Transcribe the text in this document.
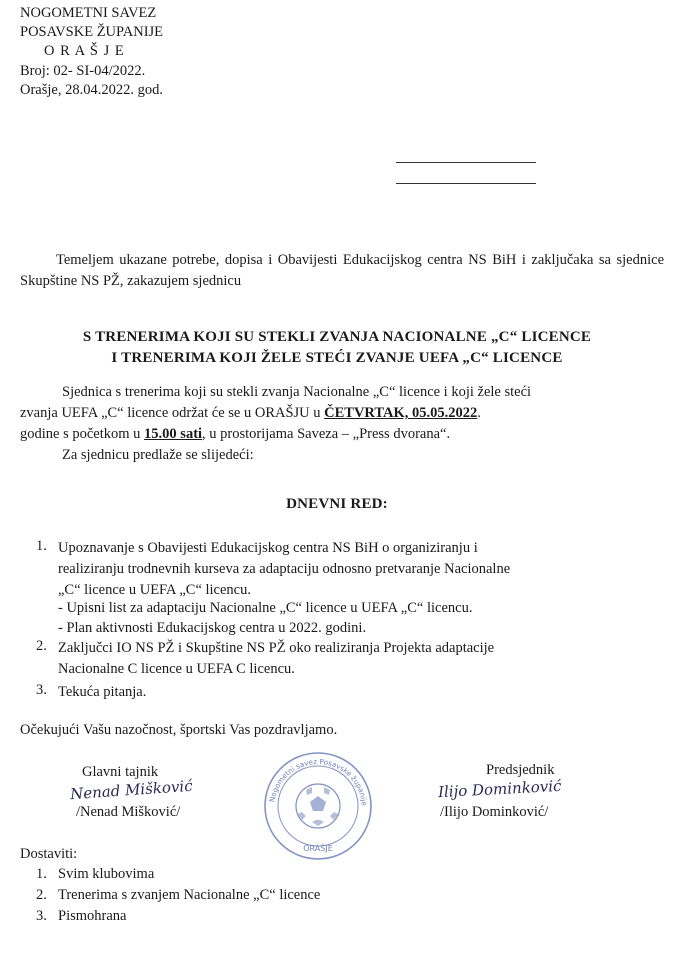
NOGOMETNI SAVEZ
POSAVSKE ŽUPANIJE
O R A Š J E
Broj: 02- SI-04/2022.
Orašje, 28.04.2022. god.
Temeljem ukazane potrebe, dopisa i Obavijesti Edukacijskog centra NS BiH i zaključaka sa sjednice Skupštine NS PŽ, zakazujem sjednicu
S TRENERIMA KOJI SU STEKLI ZVANJA NACIONALNE „C“ LICENCE
I TRENERIMA KOJI ŽELE STEĆI ZVANJE UEFA „C“ LICENCE
Sjednica s trenerima koji su stekli zvanja Nacionalne „C“ licence i koji žele steći
zvanja UEFA „C“ licence održat će se u ORAŠJU u ČETVRTAK, 05.05.2022.
godine s početkom u 15.00 sati, u prostorijama Saveza – „Press dvorana“.
Za sjednicu predlaže se slijedeći:
DNEVNI RED:
1. Upoznavanje s Obavijesti Edukacijskog centra NS BiH o organiziranju i
realiziranju trodnevnih kurseva za adaptaciju odnosno pretvaranje Nacionalne
„C“ licence u UEFA „C“ licencu.
- Upisni list za adaptaciju Nacionalne „C“ licence u UEFA „C“ licencu.
- Plan aktivnosti Edukacijskog centra u 2022. godini.
2. Zaključci IO NS PŽ i Skupštine NS PŽ oko realiziranja Projekta adaptacije
Nacionalne C licence u UEFA C licencu.
3. Tekuća pitanja.
Očekujući Vašu nazočnost, športski Vas pozdravljamo.
Glavni tajnik
Nenad Mišković
/Nenad Mišković/
Nogometni savez Posavske županije
ORAŠJE
Predsjednik
Ilijo Dominković
/Ilijo Dominković/
Dostaviti:
1. Svim klubovima
2. Trenerima s zvanjem Nacionalne „C“ licence
3. Pismohrana
